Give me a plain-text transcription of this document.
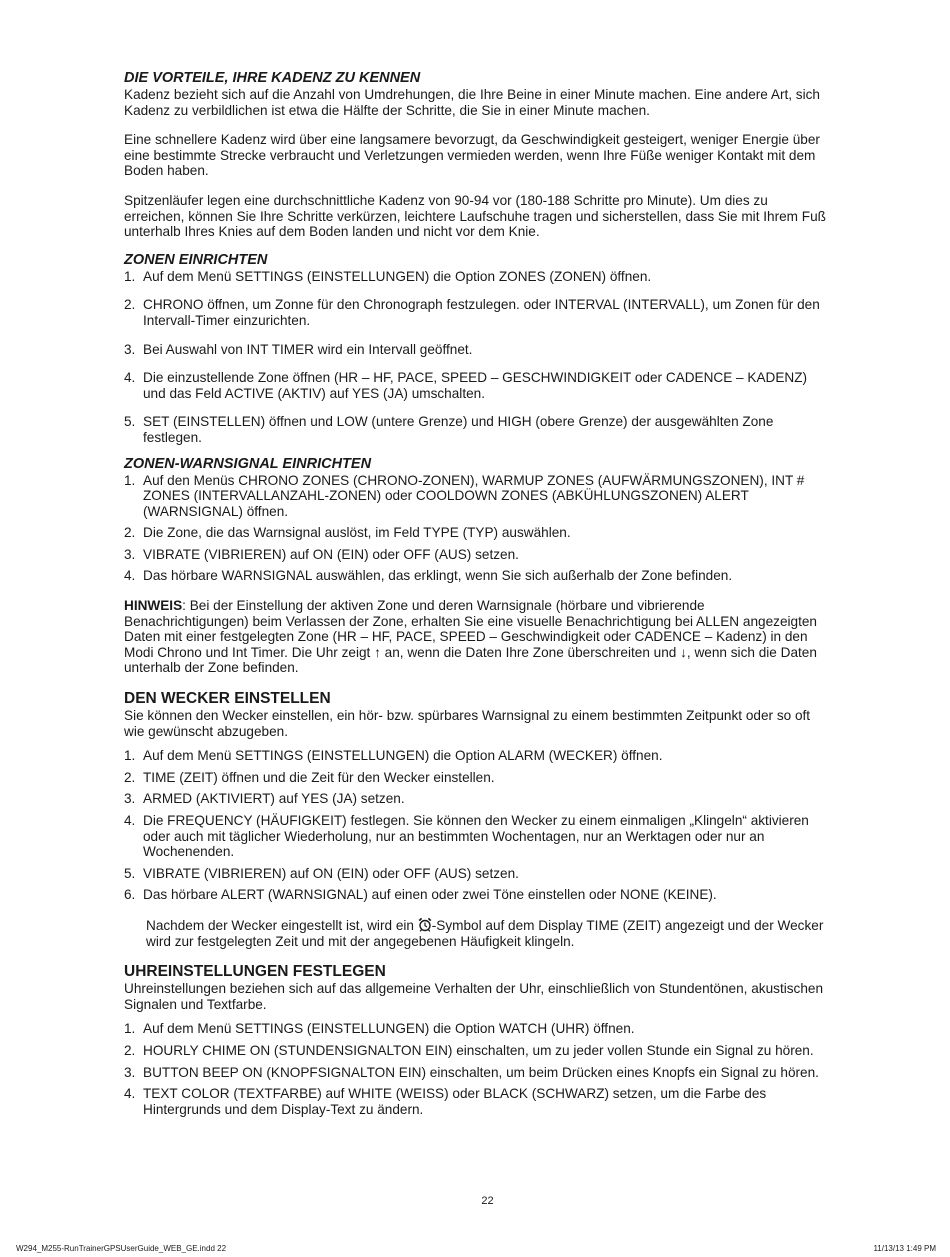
DIE VORTEILE, IHRE KADENZ ZU KENNEN

Kadenz bezieht sich auf die Anzahl von Umdrehungen, die Ihre Beine in einer Minute machen. Eine andere Art, sich Kadenz zu verbildlichen ist etwa die Hälfte der Schritte, die Sie in einer Minute machen.

Eine schnellere Kadenz wird über eine langsamere bevorzugt, da Geschwindigkeit gesteigert, weniger Energie über eine bestimmte Strecke verbraucht und Verletzungen vermieden werden, wenn Ihre Füße weniger Kontakt mit dem Boden haben.

Spitzenläufer legen eine durchschnittliche Kadenz von 90-94 vor (180-188 Schritte pro Minute). Um dies zu erreichen, können Sie Ihre Schritte verkürzen, leichtere Laufschuhe tragen und sicherstellen, dass Sie mit Ihrem Fuß unterhalb Ihres Knies auf dem Boden landen und nicht vor dem Knie.

ZONEN EINRICHTEN
1. Auf dem Menü SETTINGS (EINSTELLUNGEN) die Option ZONES (ZONEN) öffnen.
2. CHRONO öffnen, um Zonne für den Chronograph festzulegen. oder INTERVAL (INTERVALL), um Zonen für den Intervall-Timer einzurichten.
3. Bei Auswahl von INT TIMER wird ein Intervall geöffnet.
4. Die einzustellende Zone öffnen (HR – HF, PACE, SPEED – GESCHWINDIGKEIT oder CADENCE – KADENZ) und das Feld ACTIVE (AKTIV) auf YES (JA) umschalten.
5. SET (EINSTELLEN) öffnen und LOW (untere Grenze) und HIGH (obere Grenze) der ausgewählten Zone festlegen.
ZONEN-WARNSIGNAL EINRICHTEN
1. Auf den Menüs CHRONO ZONES (CHRONO-ZONEN), WARMUP ZONES (AUFWÄRMUNGSZONEN), INT # ZONES (INTERVALLANZAHL-ZONEN) oder COOLDOWN ZONES (ABKÜHLUNGSZONEN) ALERT (WARNSIGNAL) öffnen.
2. Die Zone, die das Warnsignal auslöst, im Feld TYPE (TYP) auswählen.
3. VIBRATE (VIBRIEREN) auf ON (EIN) oder OFF (AUS) setzen.
4. Das hörbare WARNSIGNAL auswählen, das erklingt, wenn Sie sich außerhalb der Zone befinden.

HINWEIS: Bei der Einstellung der aktiven Zone und deren Warnsignale (hörbare und vibrierende Benachrichtigungen) beim Verlassen der Zone, erhalten Sie eine visuelle Benachrichtigung bei ALLEN angezeigten Daten mit einer festgelegten Zone (HR – HF, PACE, SPEED – Geschwindigkeit oder CADENCE – Kadenz) in den Modi Chrono und Int Timer. Die Uhr zeigt ↑ an, wenn die Daten Ihre Zone überschreiten und ↓, wenn sich die Daten unterhalb der Zone befinden.

DEN WECKER EINSTELLEN

Sie können den Wecker einstellen, ein hör- bzw. spürbares Warnsignal zu einem bestimmten Zeitpunkt oder so oft wie gewünscht abzugeben.

1. Auf dem Menü SETTINGS (EINSTELLUNGEN) die Option ALARM (WECKER) öffnen.
2. TIME (ZEIT) öffnen und die Zeit für den Wecker einstellen.
3. ARMED (AKTIVIERT) auf YES (JA) setzen.
4. Die FREQUENCY (HÄUFIGKEIT) festlegen. Sie können den Wecker zu einem einmaligen „Klingeln“ aktivieren oder auch mit täglicher Wiederholung, nur an bestimmten Wochentagen, nur an Werktagen oder nur an Wochenenden.
5. VIBRATE (VIBRIEREN) auf ON (EIN) oder OFF (AUS) setzen.
6. Das hörbare ALERT (WARNSIGNAL) auf einen oder zwei Töne einstellen oder NONE (KEINE).

Nachdem der Wecker eingestellt ist, wird ein -Symbol auf dem Display TIME (ZEIT) angezeigt und der Wecker wird zur festgelegten Zeit und mit der angegebenen Häufigkeit klingeln.

UHREINSTELLUNGEN FESTLEGEN

Uhreinstellungen beziehen sich auf das allgemeine Verhalten der Uhr, einschließlich von Stundentönen, akustischen Signalen und Textfarbe.

1. Auf dem Menü SETTINGS (EINSTELLUNGEN) die Option WATCH (UHR) öffnen.
2. HOURLY CHIME ON (STUNDENSIGNALTON EIN) einschalten, um zu jeder vollen Stunde ein Signal zu hören.
3. BUTTON BEEP ON (KNOPFSIGNALTON EIN) einschalten, um beim Drücken eines Knopfs ein Signal zu hören.
4. TEXT COLOR (TEXTFARBE) auf WHITE (WEISS) oder BLACK (SCHWARZ) setzen, um die Farbe des Hintergrunds und dem Display-Text zu ändern.
22
W294_M255-RunTrainerGPSUserGuide_WEB_GE.indd 22	11/13/13 1:49 PM
